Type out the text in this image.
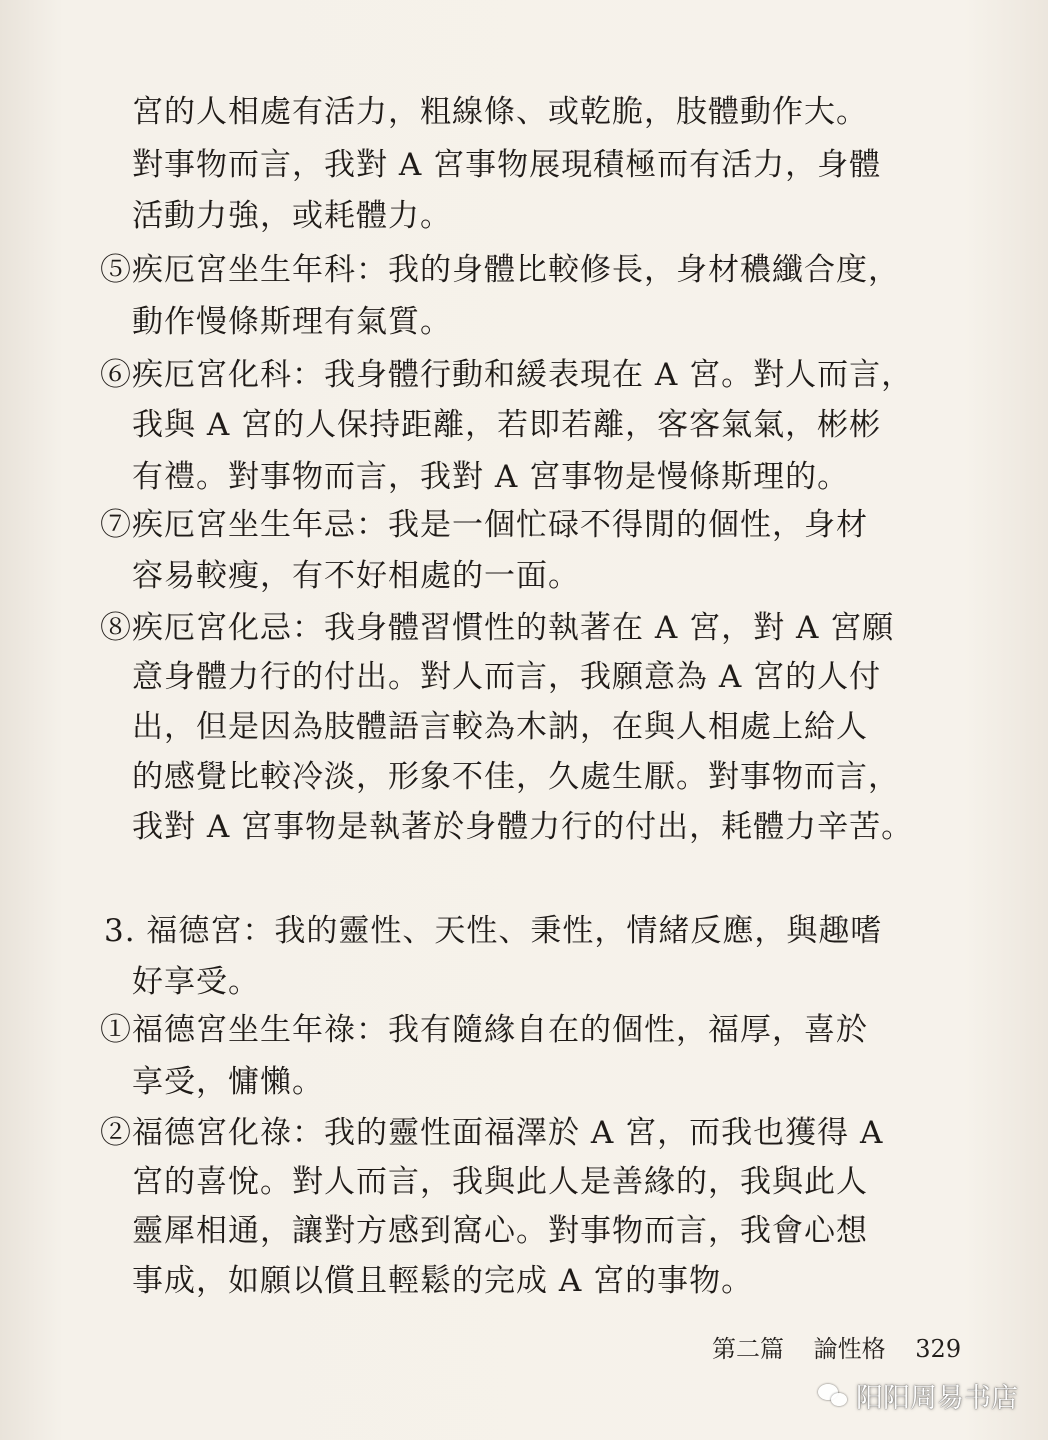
宮的人相處有活力，粗線條、或乾脆，肢體動作大。
對事物而言，我對 A 宮事物展現積極而有活力，身體
活動力強，或耗體力。
⑤疾厄宮坐生年科：我的身體比較修長，身材穠纖合度，
動作慢條斯理有氣質。
⑥疾厄宮化科：我身體行動和緩表現在 A 宮。對人而言，
我與 A 宮的人保持距離，若即若離，客客氣氣，彬彬
有禮。對事物而言，我對 A 宮事物是慢條斯理的。
⑦疾厄宮坐生年忌：我是一個忙碌不得閒的個性，身材
容易較瘦，有不好相處的一面。
⑧疾厄宮化忌：我身體習慣性的執著在 A 宮，對 A 宮願
意身體力行的付出。對人而言，我願意為 A 宮的人付
出，但是因為肢體語言較為木訥，在與人相處上給人
的感覺比較冷淡，形象不佳，久處生厭。對事物而言，
我對 A 宮事物是執著於身體力行的付出，耗體力辛苦。
3. 福德宮：我的靈性、天性、秉性，情緒反應，與趣嗜
好享受。
①福德宮坐生年祿：我有隨緣自在的個性，福厚，喜於
享受，慵懶。
②福德宮化祿：我的靈性面福澤於 A 宮，而我也獲得 A
宮的喜悅。對人而言，我與此人是善緣的，我與此人
靈犀相通，讓對方感到窩心。對事物而言，我會心想
事成，如願以償且輕鬆的完成 A 宮的事物。
第二篇 論性格 329
阳阳周易书店
